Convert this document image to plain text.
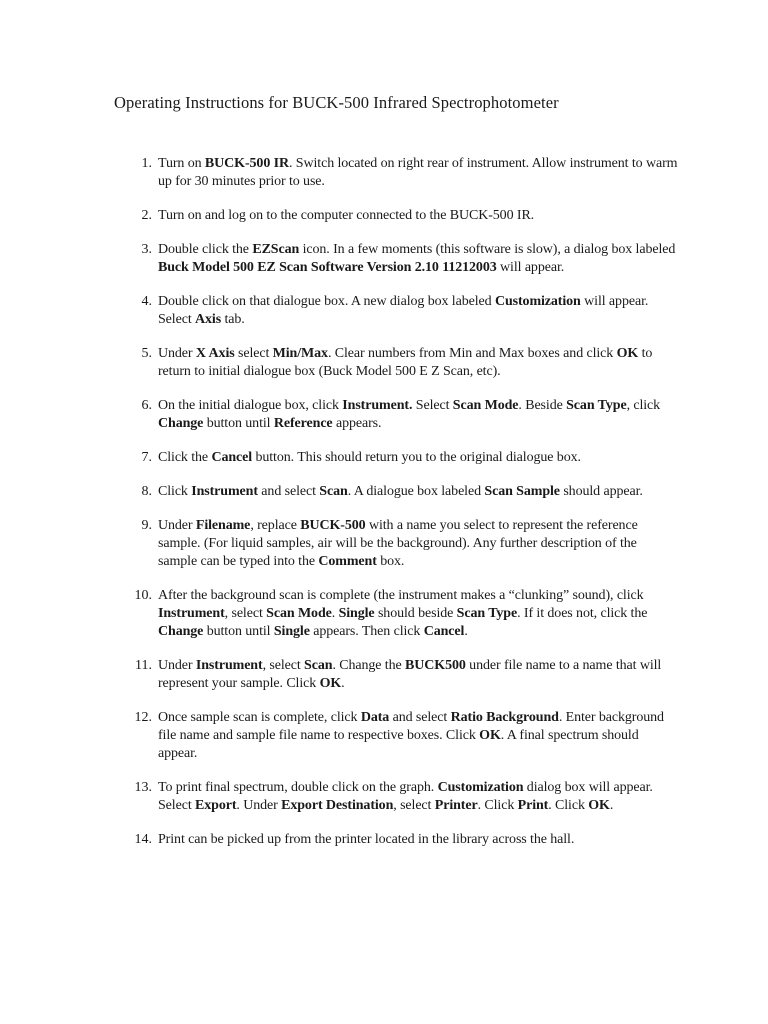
Operating Instructions for BUCK-500 Infrared Spectrophotometer
1. Turn on BUCK-500 IR. Switch located on right rear of instrument. Allow instrument to warm up for 30 minutes prior to use.
2. Turn on and log on to the computer connected to the BUCK-500 IR.
3. Double click the EZScan icon. In a few moments (this software is slow), a dialog box labeled Buck Model 500 EZ Scan Software Version 2.10 11212003 will appear.
4. Double click on that dialogue box. A new dialog box labeled Customization will appear. Select Axis tab.
5. Under X Axis select Min/Max. Clear numbers from Min and Max boxes and click OK to return to initial dialogue box (Buck Model 500 E Z Scan, etc).
6. On the initial dialogue box, click Instrument. Select Scan Mode. Beside Scan Type, click Change button until Reference appears.
7. Click the Cancel button. This should return you to the original dialogue box.
8. Click Instrument and select Scan. A dialogue box labeled Scan Sample should appear.
9. Under Filename, replace BUCK-500 with a name you select to represent the reference sample. (For liquid samples, air will be the background). Any further description of the sample can be typed into the Comment box.
10. After the background scan is complete (the instrument makes a “clunking” sound), click Instrument, select Scan Mode. Single should beside Scan Type. If it does not, click the Change button until Single appears. Then click Cancel.
11. Under Instrument, select Scan. Change the BUCK500 under file name to a name that will represent your sample. Click OK.
12. Once sample scan is complete, click Data and select Ratio Background. Enter background file name and sample file name to respective boxes. Click OK. A final spectrum should appear.
13. To print final spectrum, double click on the graph. Customization dialog box will appear. Select Export. Under Export Destination, select Printer. Click Print. Click OK.
14. Print can be picked up from the printer located in the library across the hall.
